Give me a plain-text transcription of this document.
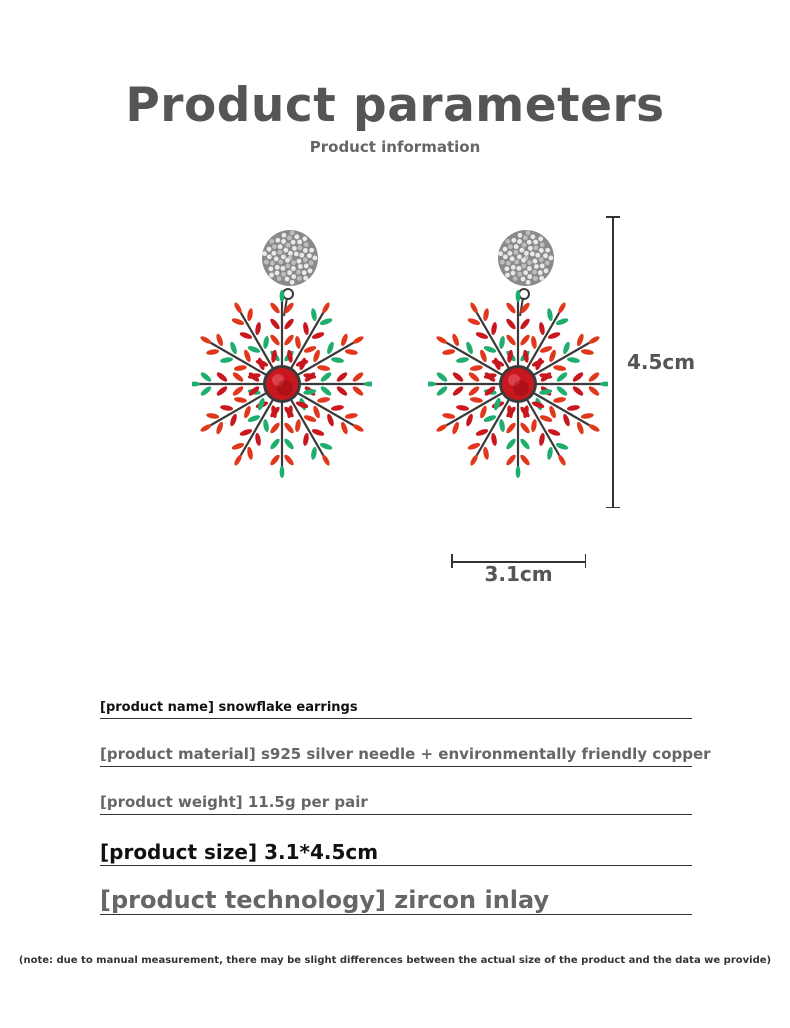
Product parameters
Product information
4.5cm
3.1cm
[product name] snowflake earrings
[product material] s925 silver needle + environmentally friendly copper
[product weight] 11.5g per pair
[product size] 3.1*4.5cm
[product technology] zircon inlay
(note: due to manual measurement, there may be slight differences between the actual size of the product and the data we provide)
